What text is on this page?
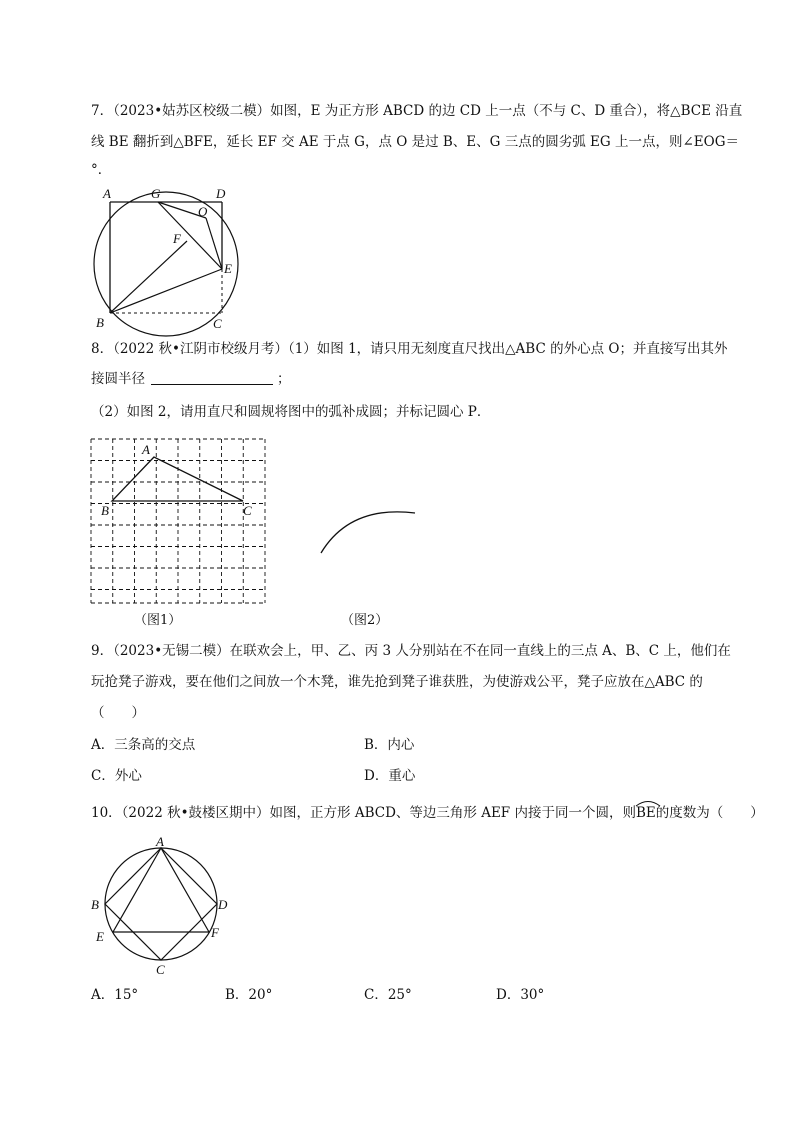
7．（2023•姑苏区校级二模）如图，E 为正方形 ABCD 的边 CD 上一点（不与 C、D 重合），将△BCE 沿直
线 BE 翻折到△BFE，延长 EF 交 AE 于点 G，点 O 是过 B、E、G 三点的圆劣弧 EG 上一点，则∠EOG＝
°．
A	G	D
O
F
E
B	C
8．（2022 秋•江阴市校级月考）（1）如图 1，请只用无刻度直尺找出△ABC 的外心点 O；并直接写出其外
接圆半径	；
（2）如图 2，请用直尺和圆规将图中的弧补成圆；并标记圆心 P．
A
B	C
（图1）	（图2）
9．（2023•无锡二模）在联欢会上，甲、乙、丙 3 人分别站在不在同一直线上的三点 A、B、C 上，他们在
玩抢凳子游戏，要在他们之间放一个木凳，谁先抢到凳子谁获胜，为使游戏公平，凳子应放在△ABC 的
（　　）
A．三条高的交点	B．内心
C．外心	D．重心
10．（2022 秋•鼓楼区期中）如图，正方形 ABCD、等边三角形 AEF 内接于同一个圆，则
BE的度数为（　　）
A
B	D
E	F
C
A．15°	B．20°	C．25°	D．30°
